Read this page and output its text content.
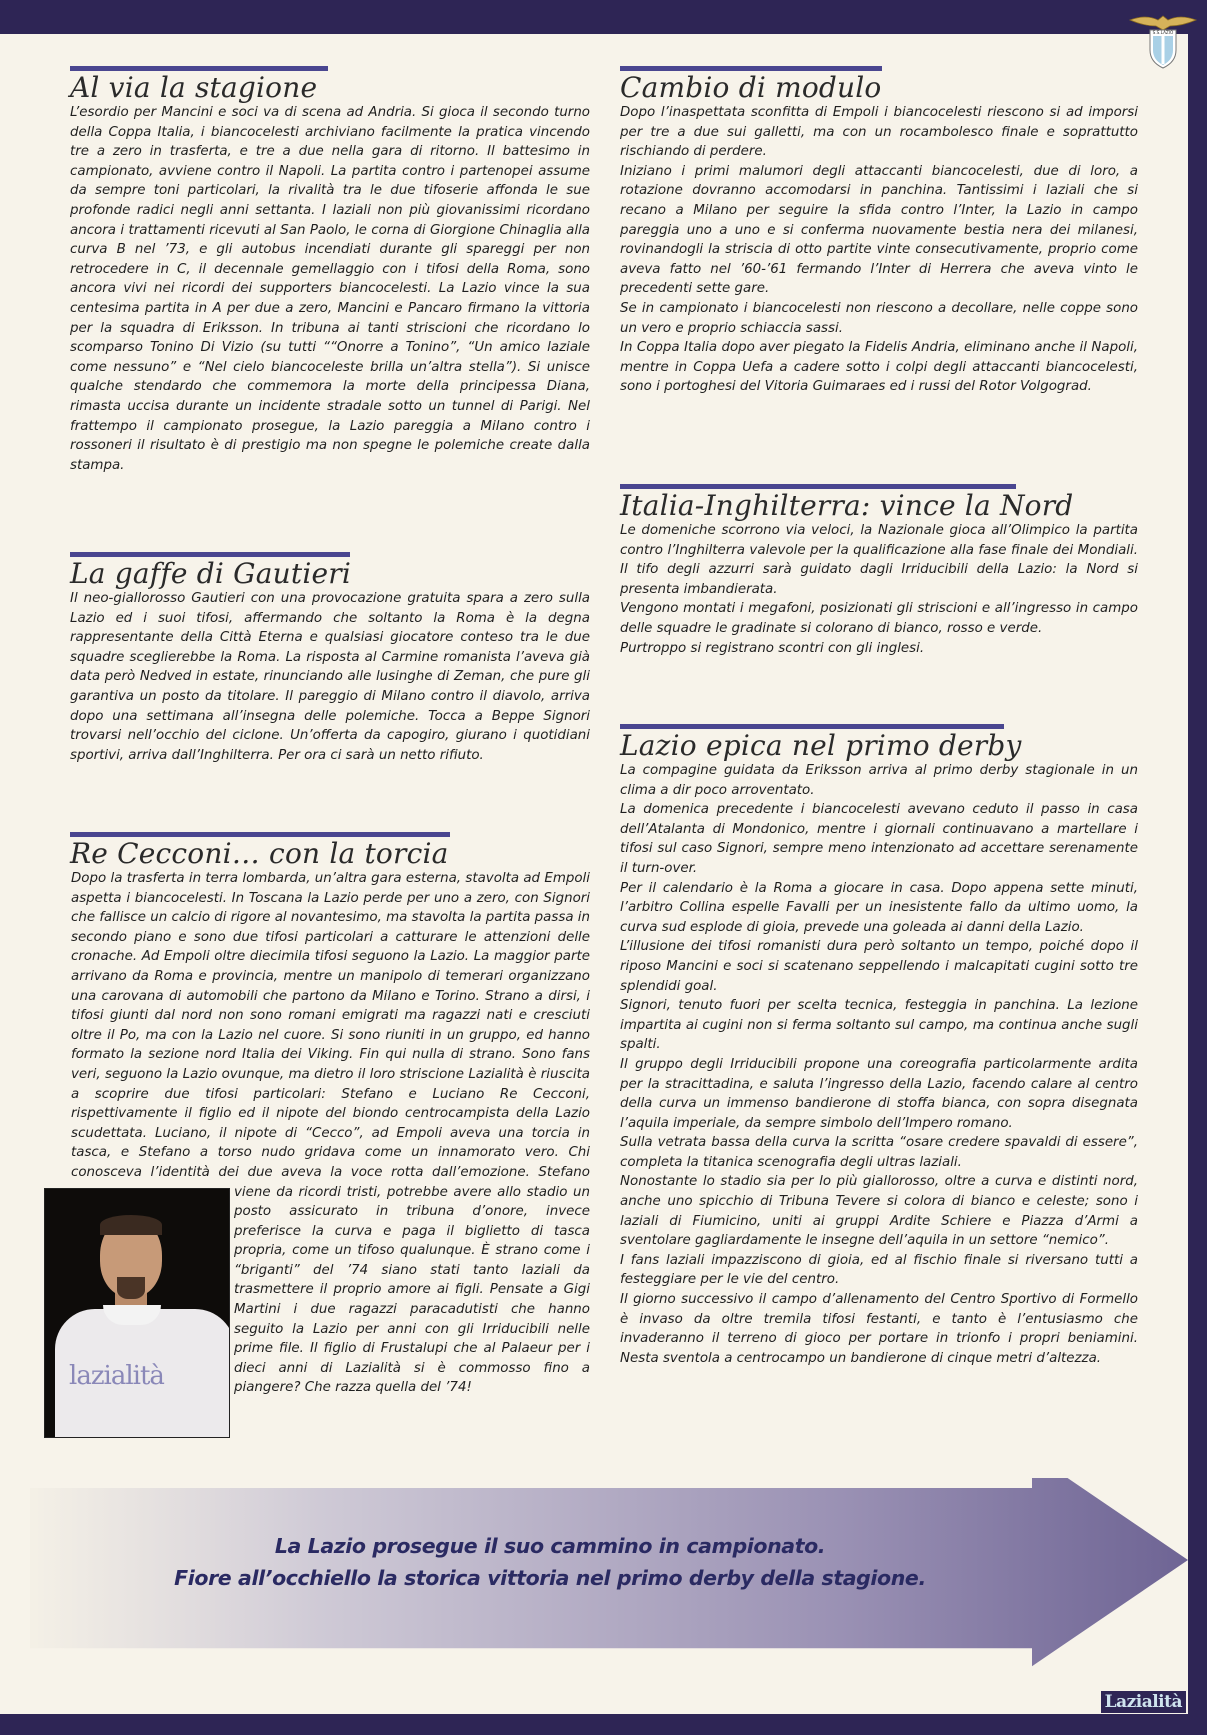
S.S.LAZIO
Al via la stagione

L’esordio per Mancini e soci va di scena ad Andria. Si gioca il secondo turno della Coppa Italia, i biancocelesti archiviano facilmente la pratica vincendo tre a zero in trasferta, e tre a due nella gara di ritorno. Il battesimo in campionato, avviene contro il Napoli. La partita contro i partenopei assume da sempre toni particolari, la rivalità tra le due tifoserie affonda le sue profonde radici negli anni settanta. I laziali non più giovanissimi ricordano ancora i trattamenti ricevuti al San Paolo, le corna di Giorgione Chinaglia alla curva B nel ’73, e gli autobus incendiati durante gli spareggi per non retrocedere in C, il decennale gemellaggio con i tifosi della Roma, sono ancora vivi nei ricordi dei supporters biancocelesti. La Lazio vince la sua centesima partita in A per due a zero, Mancini e Pancaro firmano la vittoria per la squadra di Eriksson. In tribuna ai tanti striscioni che ricordano lo scomparso Tonino Di Vizio (su tutti ““Onorre a Tonino”, “Un amico laziale come nessuno” e “Nel cielo biancoceleste brilla un’altra stella”). Si unisce qualche stendardo che commemora la morte della principessa Diana, rimasta uccisa durante un incidente stradale sotto un tunnel di Parigi. Nel frattempo il campionato prosegue, la Lazio pareggia a Milano contro i rossoneri il risultato è di prestigio ma non spegne le polemiche create dalla stampa.

La gaffe di Gautieri

Il neo-giallorosso Gautieri con una provocazione gratuita spara a zero sulla Lazio ed i suoi tifosi, affermando che soltanto la Roma è la degna rappresentante della Città Eterna e qualsiasi giocatore conteso tra le due squadre sceglierebbe la Roma. La risposta al Carmine romanista l’aveva già data però Nedved in estate, rinunciando alle lusinghe di Zeman, che pure gli garantiva un posto da titolare. Il pareggio di Milano contro il diavolo, arriva dopo una settimana all’insegna delle polemiche. Tocca a Beppe Signori trovarsi nell’occhio del ciclone. Un’offerta da capogiro, giurano i quotidiani sportivi, arriva dall’Inghilterra. Per ora ci sarà un netto rifiuto.

Re Cecconi… con la torcia

Dopo la trasferta in terra lombarda, un’altra gara esterna, stavolta ad Empoli aspetta i biancocelesti. In Toscana la Lazio perde per uno a zero, con Signori che fallisce un calcio di rigore al novantesimo, ma stavolta la partita passa in secondo piano e sono due tifosi particolari a catturare le attenzioni delle cronache. Ad Empoli oltre diecimila tifosi seguono la Lazio. La maggior parte arrivano da Roma e provincia, mentre un manipolo di temerari organizzano una carovana di automobili che partono da Milano e Torino. Strano a dirsi, i tifosi giunti dal nord non sono romani emigrati ma ragazzi nati e cresciuti oltre il Po, ma con la Lazio nel cuore. Si sono riuniti in un gruppo, ed hanno formato la sezione nord Italia dei Viking. Fin qui nulla di strano. Sono fans veri, seguono la Lazio ovunque, ma dietro il loro striscione Lazialità è riuscita a scoprire due tifosi particolari: Stefano e Luciano Re Cecconi, rispettivamente il figlio ed il nipote del biondo centrocampista della Lazio scudettata. Luciano, il nipote di “Cecco”, ad Empoli aveva una torcia in tasca, e Stefano a torso nudo gridava come un innamorato vero. Chi conosceva l’identità dei due aveva la voce rotta dall’emozione. Stefano viene da ricordi tristi, potrebbe avere allo stadio un posto assicurato in tribuna d’onore, invece preferisce la curva e paga il biglietto di tasca propria, come un tifoso qualunque. È strano come i “briganti” del ’74 siano stati tanto laziali da trasmettere il proprio amore ai figli. Pensate a Gigi Martini i due ragazzi paracadutisti che hanno seguito la Lazio per anni con gli Irriducibili nelle prime file. Il figlio di Frustalupi che al Palaeur per i dieci anni di Lazialità si è commosso fino a piangere? Che razza quella del ’74!

lazialità
Cambio di modulo

Dopo l’inaspettata sconfitta di Empoli i biancocelesti riescono si ad imporsi per tre a due sui galletti, ma con un rocambolesco finale e soprattutto rischiando di perdere.

Iniziano i primi malumori degli attaccanti biancocelesti, due di loro, a rotazione dovranno accomodarsi in panchina. Tantissimi i laziali che si recano a Milano per seguire la sfida contro l’Inter, la Lazio in campo pareggia uno a uno e si conferma nuovamente bestia nera dei milanesi, rovinandogli la striscia di otto partite vinte consecutivamente, proprio come aveva fatto nel ’60-’61 fermando l’Inter di Herrera che aveva vinto le precedenti sette gare.

Se in campionato i biancocelesti non riescono a decollare, nelle coppe sono un vero e proprio schiaccia sassi.

In Coppa Italia dopo aver piegato la Fidelis Andria, eliminano anche il Napoli, mentre in Coppa Uefa a cadere sotto i colpi degli attaccanti biancocelesti, sono i portoghesi del Vitoria Guimaraes ed i russi del Rotor Volgograd.

Italia-Inghilterra: vince la Nord

Le domeniche scorrono via veloci, la Nazionale gioca all’Olimpico la partita contro l’Inghilterra valevole per la qualificazione alla fase finale dei Mondiali. Il tifo degli azzurri sarà guidato dagli Irriducibili della Lazio: la Nord si presenta imbandierata.

Vengono montati i megafoni, posizionati gli striscioni e all’ingresso in campo delle squadre le gradinate si colorano di bianco, rosso e verde.

Purtroppo si registrano scontri con gli inglesi.

Lazio epica nel primo derby

La compagine guidata da Eriksson arriva al primo derby stagionale in un clima a dir poco arroventato.

La domenica precedente i biancocelesti avevano ceduto il passo in casa dell’Atalanta di Mondonico, mentre i giornali continuavano a martellare i tifosi sul caso Signori, sempre meno intenzionato ad accettare serenamente il turn-over.

Per il calendario è la Roma a giocare in casa. Dopo appena sette minuti, l’arbitro Collina espelle Favalli per un inesistente fallo da ultimo uomo, la curva sud esplode di gioia, prevede una goleada ai danni della Lazio.

L’illusione dei tifosi romanisti dura però soltanto un tempo, poiché dopo il riposo Mancini e soci si scatenano seppellendo i malcapitati cugini sotto tre splendidi goal.

Signori, tenuto fuori per scelta tecnica, festeggia in panchina. La lezione impartita ai cugini non si ferma soltanto sul campo, ma continua anche sugli spalti.

Il gruppo degli Irriducibili propone una coreografia particolarmente ardita per la stracittadina, e saluta l’ingresso della Lazio, facendo calare al centro della curva un immenso bandierone di stoffa bianca, con sopra disegnata l’aquila imperiale, da sempre simbolo dell’Impero romano.

Sulla vetrata bassa della curva la scritta “osare credere spavaldi di essere”, completa la titanica scenografia degli ultras laziali.

Nonostante lo stadio sia per lo più giallorosso, oltre a curva e distinti nord, anche uno spicchio di Tribuna Tevere si colora di bianco e celeste; sono i laziali di Fiumicino, uniti ai gruppi Ardite Schiere e Piazza d’Armi a sventolare gagliardamente le insegne dell’aquila in un settore “nemico”.

I fans laziali impazziscono di gioia, ed al fischio finale si riversano tutti a festeggiare per le vie del centro.

Il giorno successivo il campo d’allenamento del Centro Sportivo di Formello è invaso da oltre tremila tifosi festanti, e tanto è l’entusiasmo che invaderanno il terreno di gioco per portare in trionfo i propri beniamini. Nesta sventola a centrocampo un bandierone di cinque metri d’altezza.

La Lazio prosegue il suo cammino in campionato.
Fiore all’occhiello la storica vittoria nel primo derby della stagione.
Lazialità
